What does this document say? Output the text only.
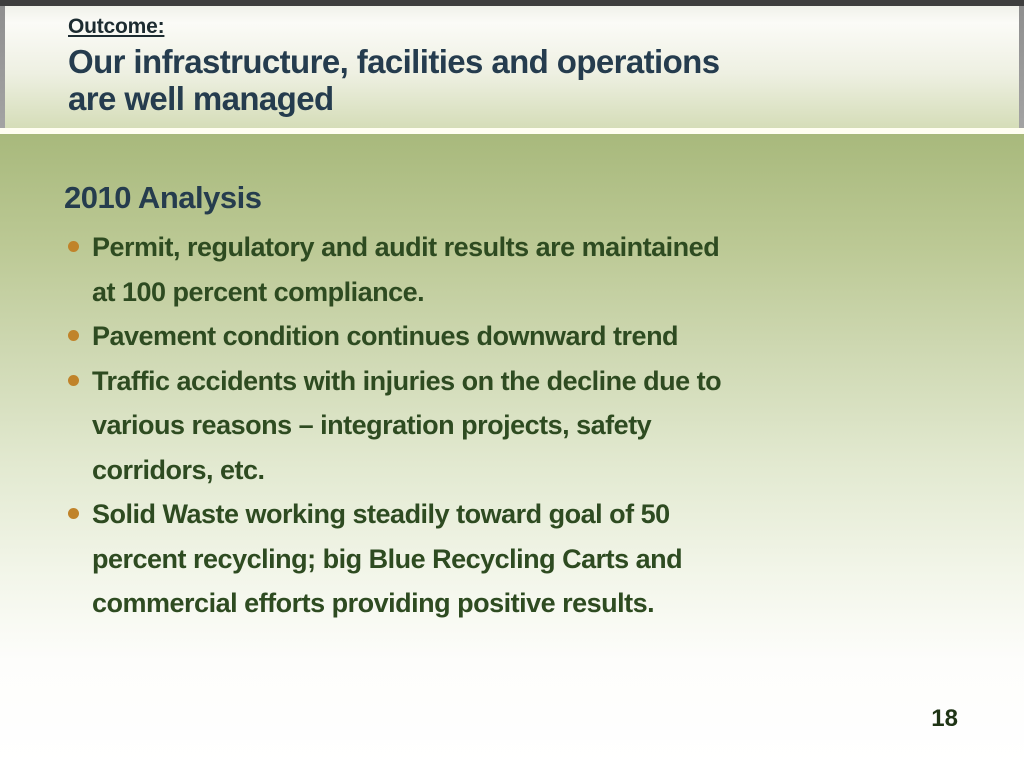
Outcome:
Our infrastructure, facilities and operations
are well managed
2010 Analysis
Permit, regulatory and audit results are maintained
at 100 percent compliance.
Pavement condition continues downward trend
Traffic accidents with injuries on the decline due to
various reasons – integration projects, safety
corridors, etc.
Solid Waste working steadily toward goal of 50
percent recycling; big Blue Recycling Carts and
commercial efforts providing positive results.
18
